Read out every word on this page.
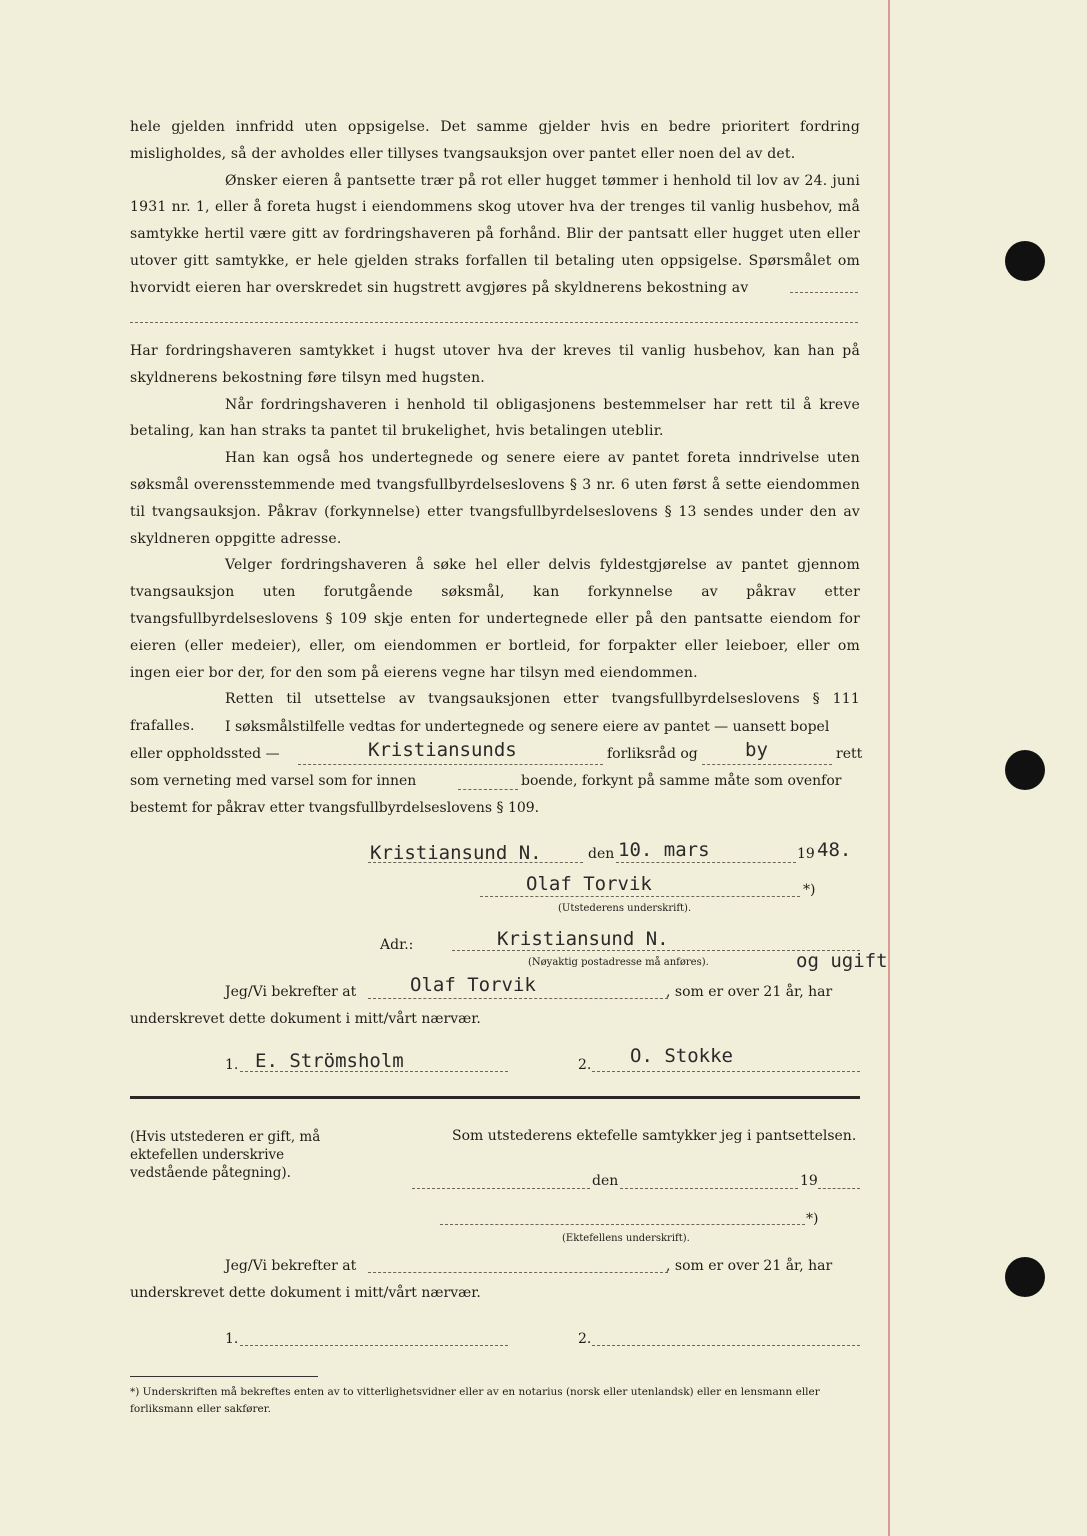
hele gjelden innfridd uten oppsigelse. Det samme gjelder hvis en bedre prioritert fordring misligholdes, så der avholdes eller tillyses tvangsauksjon over pantet eller noen del av det.

Ønsker eieren å pantsette trær på rot eller hugget tømmer i henhold til lov av 24. juni 1931 nr. 1, eller å foreta hugst i eiendommens skog utover hva der trenges til vanlig husbehov, må samtykke hertil være gitt av fordringshaveren på forhånd. Blir der pantsatt eller hugget uten eller utover gitt samtykke, er hele gjelden straks forfallen til betaling uten oppsigelse. Spørsmålet om hvorvidt eieren har overskredet sin hugstrett avgjøres på skyldnerens bekostning av

Har fordringshaveren samtykket i hugst utover hva der kreves til vanlig husbehov, kan han på skyldnerens bekostning føre tilsyn med hugsten.

Når fordringshaveren i henhold til obligasjonens bestemmelser har rett til å kreve betaling, kan han straks ta pantet til brukelighet, hvis betalingen uteblir.

Han kan også hos undertegnede og senere eiere av pantet foreta inndrivelse uten søksmål overensstemmende med tvangsfullbyrdelseslovens § 3 nr. 6 uten først å sette eiendommen til tvangsauksjon. Påkrav (forkynnelse) etter tvangsfullbyrdelseslovens § 13 sendes under den av skyldneren oppgitte adresse.

Velger fordringshaveren å søke hel eller delvis fyldestgjørelse av pantet gjennom tvangsauksjon uten forutgående søksmål, kan forkynnelse av påkrav etter tvangsfullbyrdelseslovens § 109 skje enten for undertegnede eller på den pantsatte eiendom for eieren (eller medeier), eller, om eiendommen er bortleid, for forpakter eller leieboer, eller om ingen eier bor der, for den som på eierens vegne har tilsyn med eiendommen.

Retten til utsettelse av tvangsauksjonen etter tvangsfullbyrdelseslovens § 111 frafalles.	I søksmålstilfelle vedtas for undertegnede og senere eiere av pantet — uansett bopel
eller oppholdssted —	Kristiansunds	forliksråd og by	rett
som verneting med varsel som for innen	boende, forkynt på samme måte som ovenfor
bestemt for påkrav etter tvangsfullbyrdelseslovens § 109.
Kristiansund N.	den 10. mars	19 48.
Olaf Torvik	*)
(Utstederens underskrift).
Adr.:	Kristiansund N.
(Nøyaktig postadresse må anføres).	og ugift
Jeg/Vi bekrefter at	Olaf Torvik	, som er over 21 år, har
underskrevet dette dokument i mitt/vårt nærvær.
1. E. Strömsholm	2. O. Stokke
(Hvis utstederen er gift, må ektefellen underskrive vedstående påtegning).
Som utstederens ektefelle samtykker jeg i pantsettelsen.
den	19
*)
(Ektefellens underskrift).
Jeg/Vi bekrefter at	, som er over 21 år, har
underskrevet dette dokument i mitt/vårt nærvær.
1.	2.
*) Underskriften må bekreftes enten av to vitterlighetsvidner eller av en notarius (norsk eller utenlandsk) eller en lensmann eller forliksmann eller sakfører.
